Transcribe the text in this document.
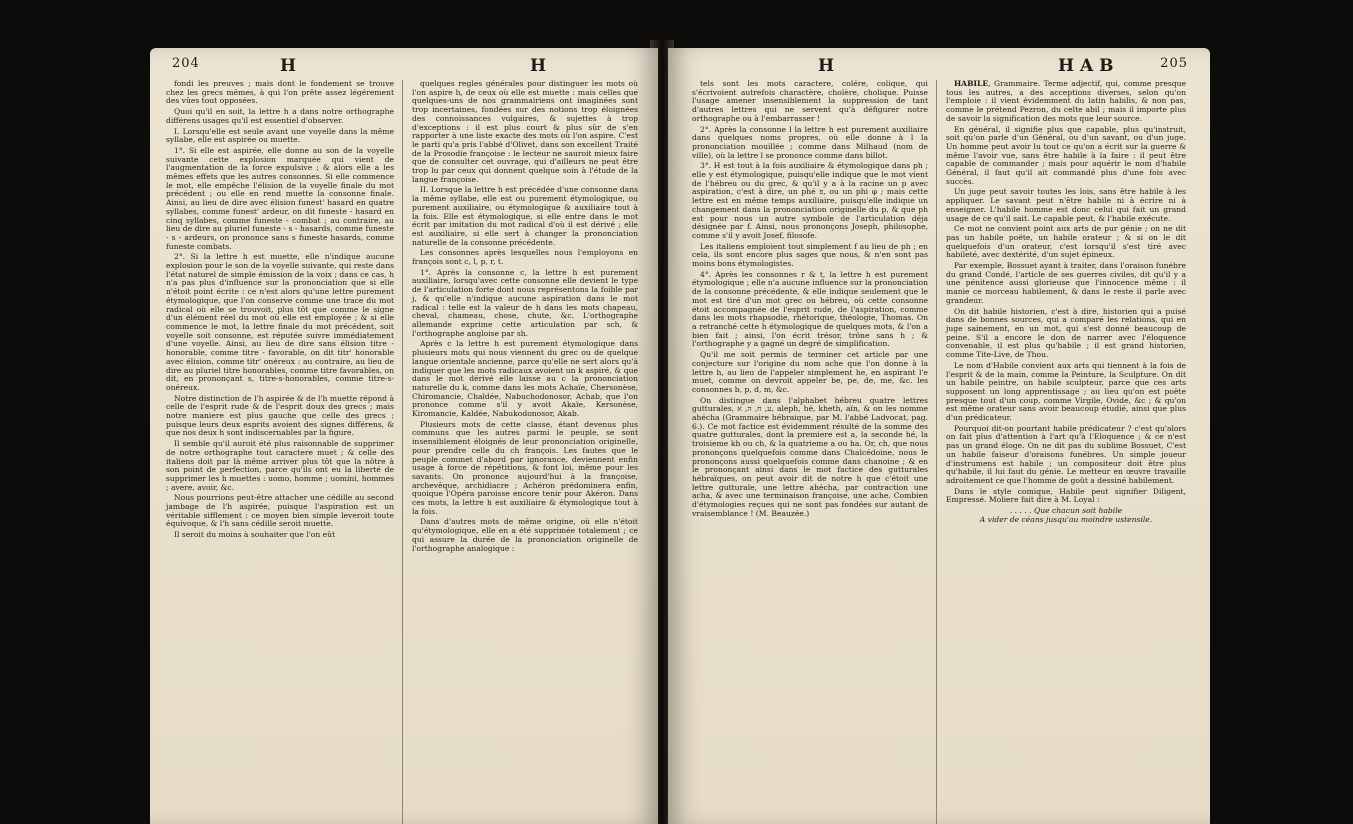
204	H	H

fondi les preuves ; mais dont le fondement se trouve chez les grecs mêmes, à qui l'on prête assez légérement des vûes tout opposées.

Quoi qu'il en soit, la lettre h a dans notre orthographe différens usages qu'il est essentiel d'observer.

I. Lorsqu'elle est seule avant une voyelle dans la même syllabe, elle est aspirée ou muette.

1°. Si elle est aspirée, elle donne au son de la voyelle suivante cette explosion marquée qui vient de l'augmentation de la force expulsive ; & alors elle a les mêmes effets que les autres consonnes. Si elle commence le mot, elle empêche l'élision de la voyelle finale du mot précédent ; ou elle en rend muette la consonne finale. Ainsi, au lieu de dire avec élision funest' hasard en quatre syllabes, comme funest' ardeur, on dit funeste - hasard en cinq syllabes, comme funeste - combat ; au contraire, au lieu de dire au pluriel funeste - s - hasards, comme funeste - s - ardeurs, on prononce sans s funeste hasards, comme funeste combats.

2°. Si la lettre h est muette, elle n'indique aucune explosion pour le son de la voyelle suivante, qui reste dans l'état naturel de simple émission de la voix ; dans ce cas, h n'a pas plus d'influence sur la prononciation que si elle n'étoit point écrite : ce n'est alors qu'une lettre purement étymologique, que l'on conserve comme une trace du mot radical où elle se trouvoit, plus tôt que comme le signe d'un élément réel du mot où elle est employée ; & si elle commence le mot, la lettre finale du mot précédent, soit voyelle soit consonne, est réputée suivre immédiatement d'une voyelle. Ainsi, au lieu de dire sans élision titre - honorable, comme titre - favorable, on dit titr' honorable avec élision, comme titr' onéreux : au contraire, au lieu de dire au pluriel titre honorables, comme titre favorables, on dit, en prononçant s, titre-s-honorables, comme titre-s-onéreux.

Notre distinction de l'h aspirée & de l'h muette répond à celle de l'esprit rude & de l'esprit doux des grecs ; mais notre maniere est plus gauche que celle des grecs ; puisque leurs deux esprits avoient des signes différens, & que nos deux h sont indiscernables par la figure.

Il semble qu'il auroit été plus raisonnable de supprimer de notre orthographe tout caractere muet ; & celle des italiens doit par là même arriver plus tôt que la nôtre à son point de perfection, parce qu'ils ont eu la liberté de supprimer les h muettes : uomo, homme ; uomini, hommes ; avere, avoir, &c.

Nous pourrions peut-être attacher une cédille au second jambage de l'h aspirée, puisque l'aspiration est un véritable sifflement : ce moyen bien simple leveroit toute équivoque, & l'h sans cédille seroit muette.

Il seroit du moins à souhaiter que l'on eût

quelques regles générales pour distinguer les mots où l'on aspire h, de ceux où elle est muette : mais celles que quelques-uns de nos grammairiens ont imaginées sont trop incertaines, fondées sur des notions trop éloignées des connoissances vulgaires, & sujettes à trop d'exceptions : il est plus court & plus sûr de s'en rapporter à une liste exacte des mots où l'on aspire. C'est le parti qu'a pris l'abbé d'Olivet, dans son excellent Traité de la Prosodie françoise : le lecteur ne sauroit mieux faire que de consulter cet ouvrage, qui d'ailleurs ne peut être trop lu par ceux qui donnent quelque soin à l'étude de la langue françoise.

II. Lorsque la lettre h est précédée d'une consonne dans la même syllabe, elle est ou purement étymologique, ou purement auxiliaire, ou étymologique & auxiliaire tout à la fois. Elle est étymologique, si elle entre dans le mot écrit par imitation du mot radical d'où il est dérivé ; elle est auxiliaire, si elle sert à changer la prononciation naturelle de la consonne précédente.

Les consonnes après lesquelles nous l'employons en françois sont c, l, p, r, t.

1°. Après la consonne c, la lettre h est purement auxiliaire, lorsqu'avec cette consonne elle devient le type de l'articulation forte dont nous représentons la foible par j, & qu'elle n'indique aucune aspiration dans le mot radical : telle est la valeur de h dans les mots chapeau, cheval, chameau, chose, chute, &c. L'orthographe allemande exprime cette articulation par sch, & l'orthographe angloise par sh.

Après c la lettre h est purement étymologique dans plusieurs mots qui nous viennent du grec ou de quelque langue orientale ancienne, parce qu'elle ne sert alors qu'à indiquer que les mots radicaux avoient un k aspiré, & que dans le mot dérivé elle laisse au c la prononciation naturelle du k, comme dans les mots Achaïe, Chersonèse, Chiromancie, Chaldée, Nabuchodonosor, Achab, que l'on prononce comme s'il y avoit Akaïe, Kersonèse, Kiromancie, Kaldée, Nabukodonosor, Akab.

Plusieurs mots de cette classe, étant devenus plus communs que les autres parmi le peuple, se sont insensiblement éloignés de leur prononciation originelle, pour prendre celle du ch françois. Les fautes que le peuple commet d'abord par ignorance, deviennent enfin usage à force de répétitions, & font loi, même pour les savants. On prononce aujourd'hui à la françoise, archevêque, archidiacre ; Achéron prédominera enfin, quoique l'Opéra paroisse encore tenir pour Akéron. Dans ces mots, la lettre h est auxiliaire & étymologique tout à la fois.

Dans d'autres mots de même origine, où elle n'étoit qu'étymologique, elle en a été supprimée totalement ; ce qui assure la durée de la prononciation originelle de l'orthographe analogique :

H	H A B	205

tels sont les mots caractere, colére, colique, qui s'écrivoient autrefois charactère, cholère, cholique. Puisse l'usage amener insensiblement la suppression de tant d'autres lettres qui ne servent qu'à défigurer notre orthographe ou à l'embarrasser !

2°. Après la consonne l la lettre h est purement auxiliaire dans quelques noms propres, où elle donne à l la prononciation mouillée ; comme dans Milhaud (nom de ville), où la lettre l se prononce comme dans billot.

3°. H est tout à la fois auxiliaire & étymologique dans ph ; elle y est étymologique, puisqu'elle indique que le mot vient de l'hébreu ou du grec, & qu'il y a à la racine un p avec aspiration, c'est à dire, un phé פ, ou un phi φ ; mais cette lettre est en même temps auxiliaire, puisqu'elle indique un changement dans la prononciation originelle du p, & que ph est pour nous un autre symbole de l'articulation déja désignée par f. Ainsi, nous prononçons Joseph, philosophe, comme s'il y avoit Josef, filosofe.

Les italiens emploient tout simplement f au lieu de ph ; en cela, ils sont encore plus sages que nous, & n'en sont pas moins bons étymologistes.

4°. Après les consonnes r & t, la lettre h est purement étymologique ; elle n'a aucune influence sur la prononciation de la consonne précédente, & elle indique seulement que le mot est tiré d'un mot grec ou hébreu, où cette consonne étoit accompagnée de l'esprit rude, de l'aspiration, comme dans les mots rhapsodie, rhétorique, théologie, Thomas. On a retranché cette h étymologique de quelques mots, & l'on a bien fait ; ainsi, l'on écrit trésor, trône sans h ; & l'orthographe y a gagné un degré de simplification.

Qu'il me soit permis de terminer cet article par une conjecture sur l'origine du nom ache que l'on donne à la lettre h, au lieu de l'appeler simplement he, en aspirant l'e muet, comme on devroit appeler be, pe, de, me, &c. les consonnes b, p, d, m, &c.

On distingue dans l'alphabet hébreu quatre lettres gutturales, ע, ח, ה, א, aleph, hé, kheth, aïn, & on les nomme ahécha (Grammaire hébraique, par M. l'abbé Ladvocat, pag. 6.). Ce mot factice est évidemment résulté de la somme des quatre gutturales, dont la premiere est a, la seconde hé, la troisieme kh ou ch, & la quatrieme a ou ha. Or, ch, que nous prononçons quelquefois comme dans Chalcédoine, nous le prononçons aussi quelquefois comme dans chanoine ; & en le prononçant ainsi dans le mot factice des gutturales hébraïques, on peut avoir dit de notre h que c'étoit une lettre gutturale, une lettre ahécha, par contraction une acha, & avec une terminaison françoise, une ache. Combien d'étymologies reçues qui ne sont pas fondées sur autant de vraisemblance ! (M. Beauzée.)

HABILE, Grammaire. Terme adjectif, qui, comme presque tous les autres, a des acceptions diverses, selon qu'on l'emploie : il vient évidemment du latin habilis, & non pas, comme le prétend Pezron, du celte abil ; mais il importe plus de savoir la signification des mots que leur source.

En général, il signifie plus que capable, plus qu'instruit, soit qu'on parle d'un Général, ou d'un savant, ou d'un juge. Un homme peut avoir lu tout ce qu'on a écrit sur la guerre & même l'avoir vue, sans être habile à la faire : il peut être capable de commander ; mais pour aquérir le nom d'habile Général, il faut qu'il ait commandé plus d'une fois avec succès.

Un juge peut savoir toutes les lois, sans être habile à les appliquer. Le savant peut n'être habile ni à écrire ni à enseigner. L'habile homme est donc celui qui fait un grand usage de ce qu'il sait. Le capable peut, & l'habile exécute.

Ce mot ne convient point aux arts de pur génie ; on ne dit pas un habile poëte, un habile orateur ; & si on le dit quelquefois d'un orateur, c'est lorsqu'il s'est tiré avec habileté, avec dextérité, d'un sujet épineux.

Par exemple, Bossuet ayant à traiter, dans l'oraison funébre du grand Condé, l'article de ses guerres civiles, dit qu'il y a une pénitence aussi glorieuse que l'innocence même : il manie ce morceau habilement, & dans le reste il parle avec grandeur.

On dit habile historien, c'est à dire, historien qui a puisé dans de bonnes sources, qui a comparé les relations, qui en juge sainement, en un mot, qui s'est donné beaucoup de peine. S'il a encore le don de narrer avec l'éloquence convenable, il est plus qu'habile ; il est grand historien, comme Tite-Live, de Thou.

Le nom d'Habile convient aux arts qui tiennent à la fois de l'esprit & de la main, comme la Peinture, la Sculpture. On dit un habile peintre, un habile sculpteur, parce que ces arts supposent un long apprentissage ; au lieu qu'on est poëte presque tout d'un coup, comme Virgile, Ovide, &c ; & qu'on est même orateur sans avoir beaucoup étudié, ainsi que plus d'un prédicateur.

Pourquoi dit-on pourtant habile prédicateur ? c'est qu'alors on fait plus d'attention à l'art qu'à l'Eloquence ; & ce n'est pas un grand éloge. On ne dit pas du sublime Bossuet, C'est un habile faiseur d'oraisons funébres. Un simple joueur d'instrumens est habile ; un compositeur doit être plus qu'habile, il lui faut du génie. Le metteur en œuvre travaille adroitement ce que l'homme de goût a dessiné habilement.

Dans le style comique, Habile peut signifier Diligent, Empressé. Moliere fait dire à M. Loyal :

. . . . . Que chacun soit habile
A vider de céans jusqu'au moindre ustensile.
